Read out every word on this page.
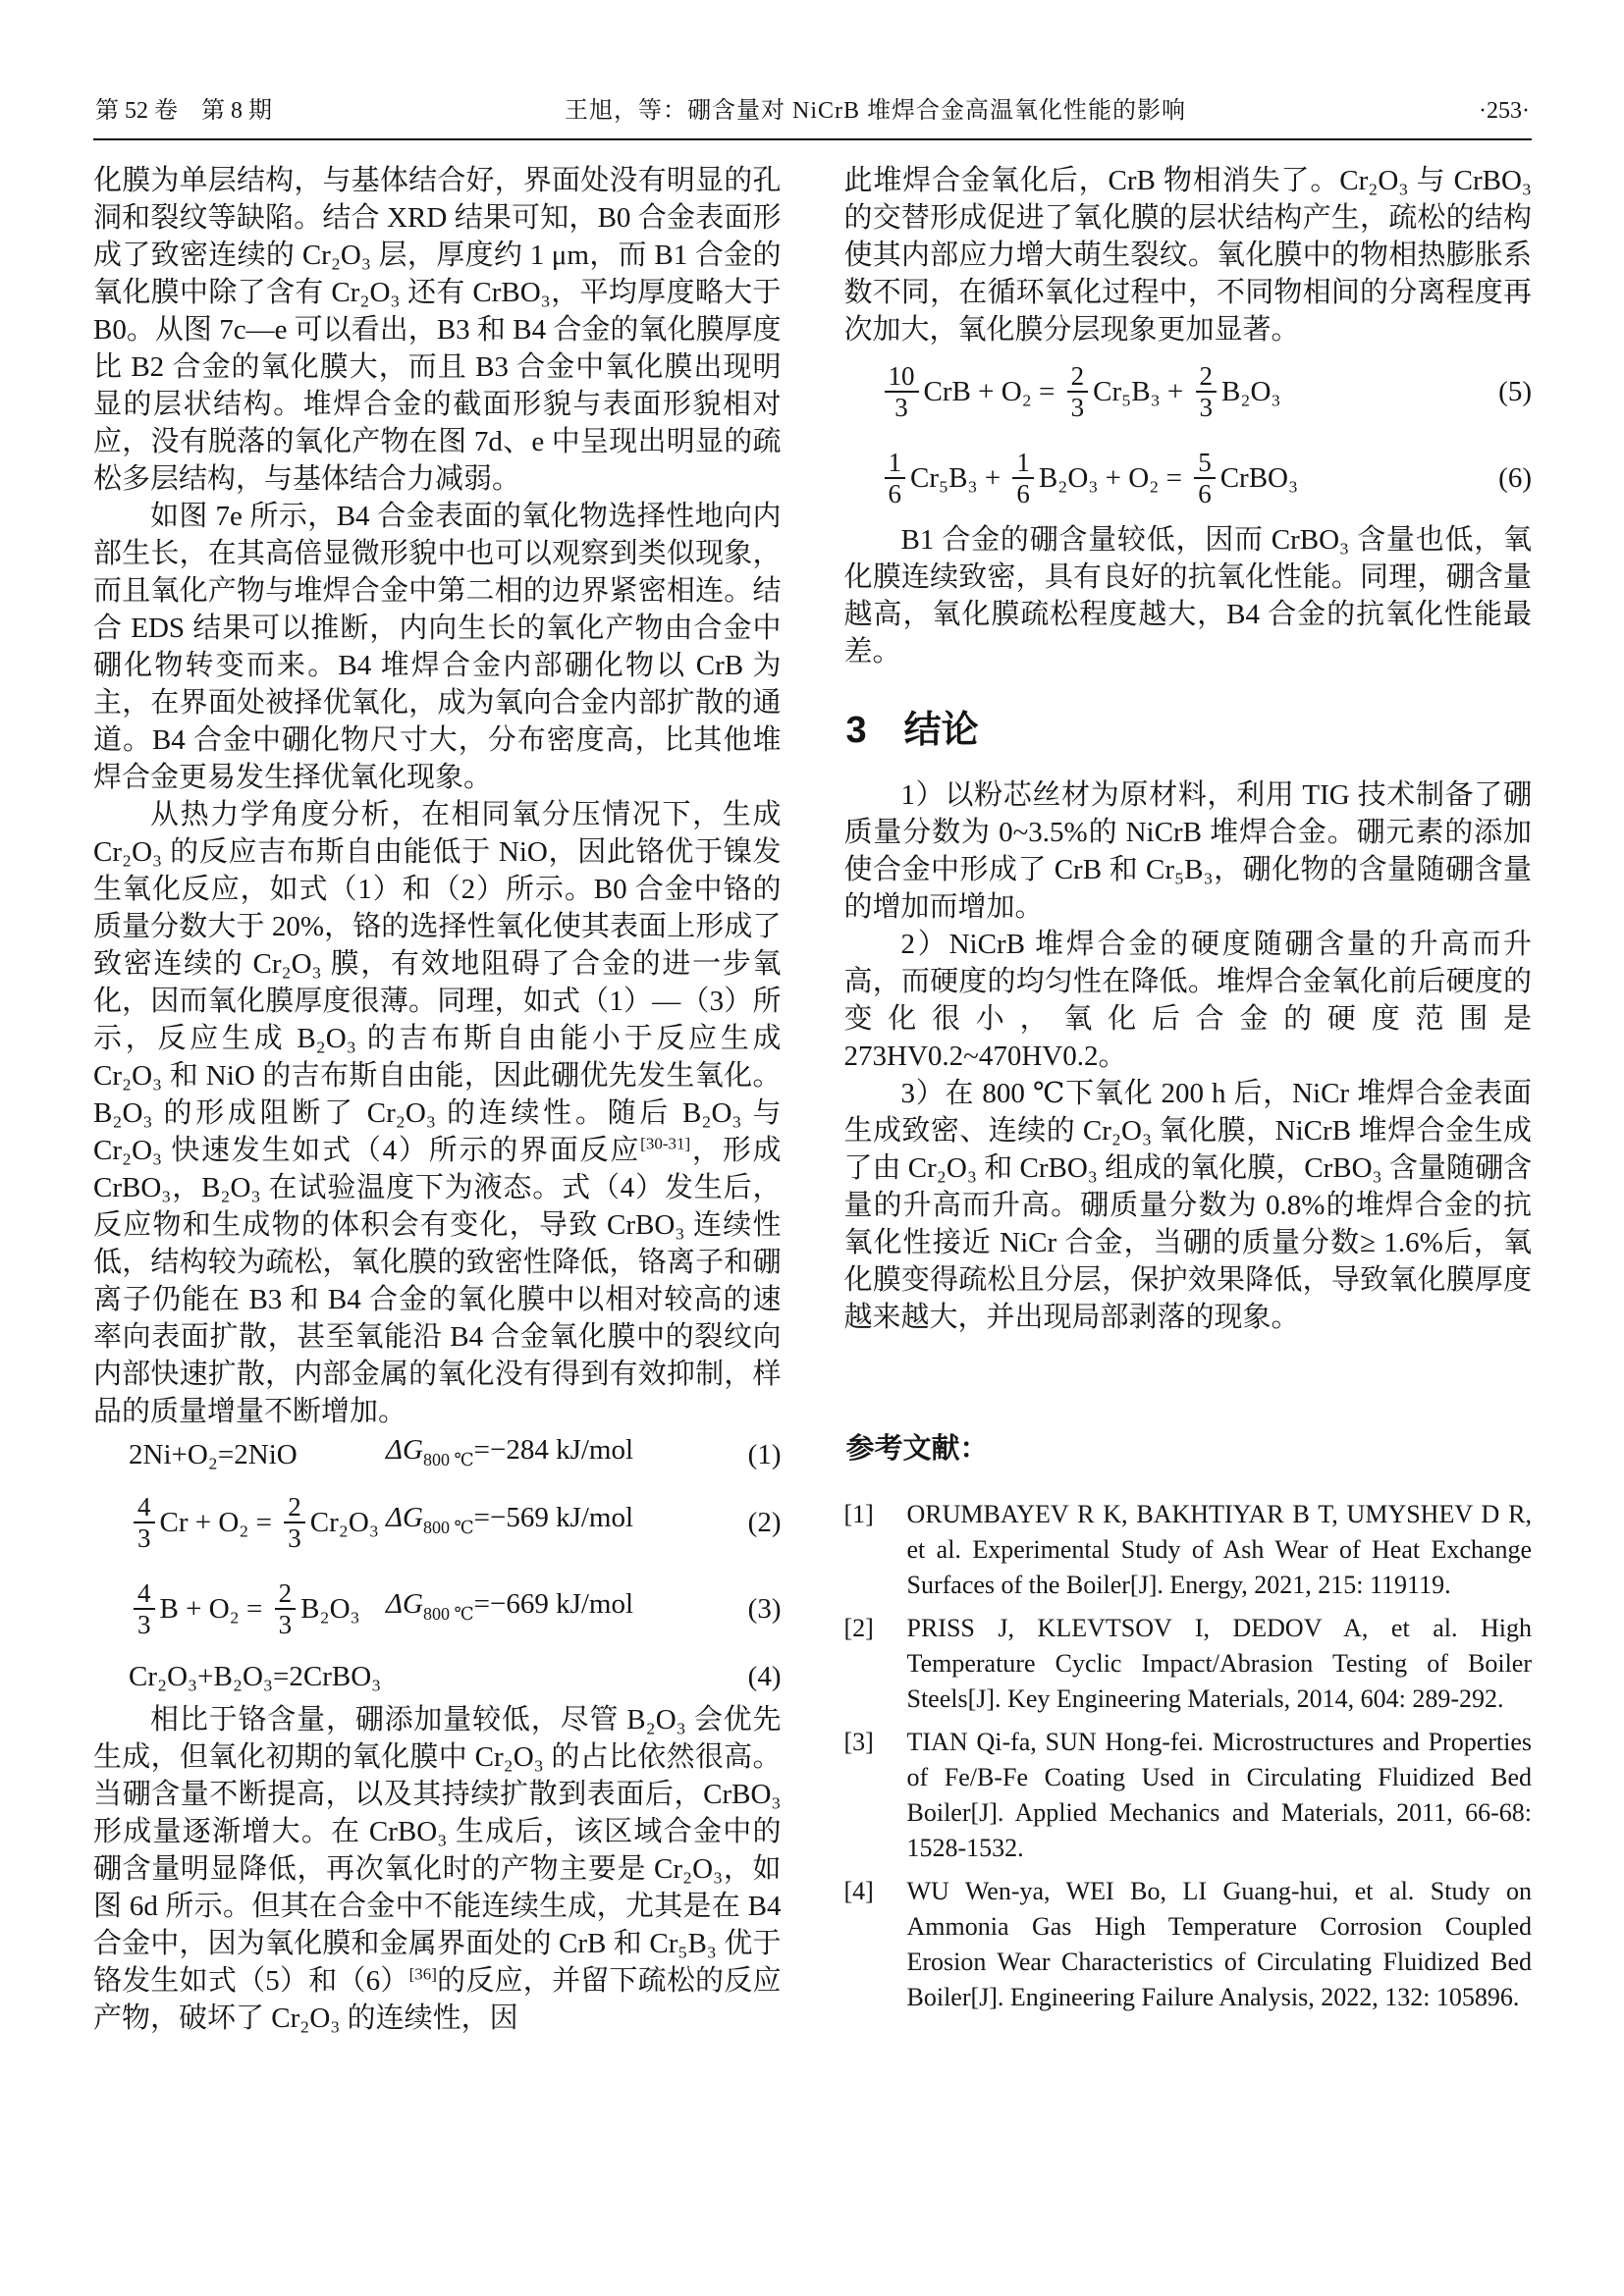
第 52 卷　第 8 期	王旭，等：硼含量对 NiCrB 堆焊合金高温氧化性能的影响	·253·

化膜为单层结构，与基体结合好，界面处没有明显的孔洞和裂纹等缺陷。结合 XRD 结果可知，B0 合金表面形成了致密连续的 Cr₂O₃ 层，厚度约 1 μm，而 B1 合金的氧化膜中除了含有 Cr₂O₃ 还有 CrBO₃，平均厚度略大于 B0。从图 7c—e 可以看出，B3 和 B4 合金的氧化膜厚度比 B2 合金的氧化膜大，而且 B3 合金中氧化膜出现明显的层状结构。堆焊合金的截面形貌与表面形貌相对应，没有脱落的氧化产物在图 7d、e 中呈现出明显的疏松多层结构，与基体结合力减弱。

如图 7e 所示，B4 合金表面的氧化物选择性地向内部生长，在其高倍显微形貌中也可以观察到类似现象，而且氧化产物与堆焊合金中第二相的边界紧密相连。结合 EDS 结果可以推断，内向生长的氧化产物由合金中硼化物转变而来。B4 堆焊合金内部硼化物以 CrB 为主，在界面处被择优氧化，成为氧向合金内部扩散的通道。B4 合金中硼化物尺寸大，分布密度高，比其他堆焊合金更易发生择优氧化现象。

从热力学角度分析，在相同氧分压情况下，生成 Cr₂O₃ 的反应吉布斯自由能低于 NiO，因此铬优于镍发生氧化反应，如式（1）和（2）所示。B0 合金中铬的质量分数大于 20%，铬的选择性氧化使其表面上形成了致密连续的 Cr₂O₃ 膜，有效地阻碍了合金的进一步氧化，因而氧化膜厚度很薄。同理，如式（1）—（3）所示，反应生成 B₂O₃ 的吉布斯自由能小于反应生成 Cr₂O₃ 和 NiO 的吉布斯自由能，因此硼优先发生氧化。B₂O₃ 的形成阻断了 Cr₂O₃ 的连续性。随后 B₂O₃ 与 Cr₂O₃ 快速发生如式（4）所示的界面反应[30-31]，形成 CrBO₃，B₂O₃ 在试验温度下为液态。式（4）发生后，反应物和生成物的体积会有变化，导致 CrBO₃ 连续性低，结构较为疏松，氧化膜的致密性降低，铬离子和硼离子仍能在 B3 和 B4 合金的氧化膜中以相对较高的速率向表面扩散，甚至氧能沿 B4 合金氧化膜中的裂纹向内部快速扩散，内部金属的氧化没有得到有效抑制，样品的质量增量不断增加。

2Ni+O₂=2NiO	$\Delta G_{800 ℃}=-284$ kJ/mol	(1)
$\frac{4}{3}$ $Cr + O_2 = \frac{2}{3} Cr_2O_3$ $\Delta G_{800 ℃}=-569$ kJ/mol	(2)
$\frac{4}{3}$ $B + O_2 = \frac{2}{3} B_2O_3$ $\Delta G_{800 ℃}=-669$ kJ/mol	(3)
Cr₂O₃+B₂O₃=2CrBO₃	(4)

相比于铬含量，硼添加量较低，尽管 B₂O₃ 会优先生成，但氧化初期的氧化膜中 Cr₂O₃ 的占比依然很高。当硼含量不断提高，以及其持续扩散到表面后，CrBO₃ 形成量逐渐增大。在 CrBO₃ 生成后，该区域合金中的硼含量明显降低，再次氧化时的产物主要是 Cr₂O₃，如图 6d 所示。但其在合金中不能连续生成，尤其是在 B4 合金中，因为氧化膜和金属界面处的 CrB 和 Cr₅B₃ 优于铬发生如式（5）和（6）[36]的反应，并留下疏松的反应产物，破坏了 Cr₂O₃ 的连续性，因

此堆焊合金氧化后，CrB 物相消失了。Cr₂O₃ 与 CrBO₃ 的交替形成促进了氧化膜的层状结构产生，疏松的结构使其内部应力增大萌生裂纹。氧化膜中的物相热膨胀系数不同，在循环氧化过程中，不同物相间的分离程度再次加大，氧化膜分层现象更加显著。

$\frac{10}{3}$ CrB + $O_2 = \frac{2}{3} Cr_5B_3 + \frac{2}{3} B_2O_3$	(5)
$\frac{1}{6} Cr_5B_3 + \frac{1}{6} B_2O_3 + O_2 = \frac{5}{6}$ CrBO₃	(6)

B1 合金的硼含量较低，因而 CrBO₃ 含量也低，氧化膜连续致密，具有良好的抗氧化性能。同理，硼含量越高，氧化膜疏松程度越大，B4 合金的抗氧化性能最差。

3　结论

1）以粉芯丝材为原材料，利用 TIG 技术制备了硼质量分数为 0~3.5%的 NiCrB 堆焊合金。硼元素的添加使合金中形成了 CrB 和 Cr₅B₃，硼化物的含量随硼含量的增加而增加。

2）NiCrB 堆焊合金的硬度随硼含量的升高而升高，而硬度的均匀性在降低。堆焊合金氧化前后硬度的变化很小，氧化后合金的硬度范围是 273HV0.2~470HV0.2。

3）在 800 ℃下氧化 200 h 后，NiCr 堆焊合金表面生成致密、连续的 Cr₂O₃ 氧化膜，NiCrB 堆焊合金生成了由 Cr₂O₃ 和 CrBO₃ 组成的氧化膜，CrBO₃ 含量随硼含量的升高而升高。硼质量分数为 0.8%的堆焊合金的抗氧化性接近 NiCr 合金，当硼的质量分数≥ 1.6%后，氧化膜变得疏松且分层，保护效果降低，导致氧化膜厚度越来越大，并出现局部剥落的现象。

参考文献：
[1]	ORUMBAYEV R K, BAKHTIYAR B T, UMYSHEV D R, et al. Experimental Study of Ash Wear of Heat Exchange Surfaces of the Boiler[J]. Energy, 2021, 215: 119119.
[2]	PRISS J, KLEVTSOV I, DEDOV A, et al. High Temperature Cyclic Impact/Abrasion Testing of Boiler Steels[J]. Key Engineering Materials, 2014, 604: 289-292.
[3]	TIAN Qi-fa, SUN Hong-fei. Microstructures and Properties of Fe/B-Fe Coating Used in Circulating Fluidized Bed Boiler[J]. Applied Mechanics and Materials, 2011, 66-68: 1528-1532.
[4]	WU Wen-ya, WEI Bo, LI Guang-hui, et al. Study on Ammonia Gas High Temperature Corrosion Coupled Erosion Wear Characteristics of Circulating Fluidized Bed Boiler[J]. Engineering Failure Analysis, 2022, 132: 105896.
